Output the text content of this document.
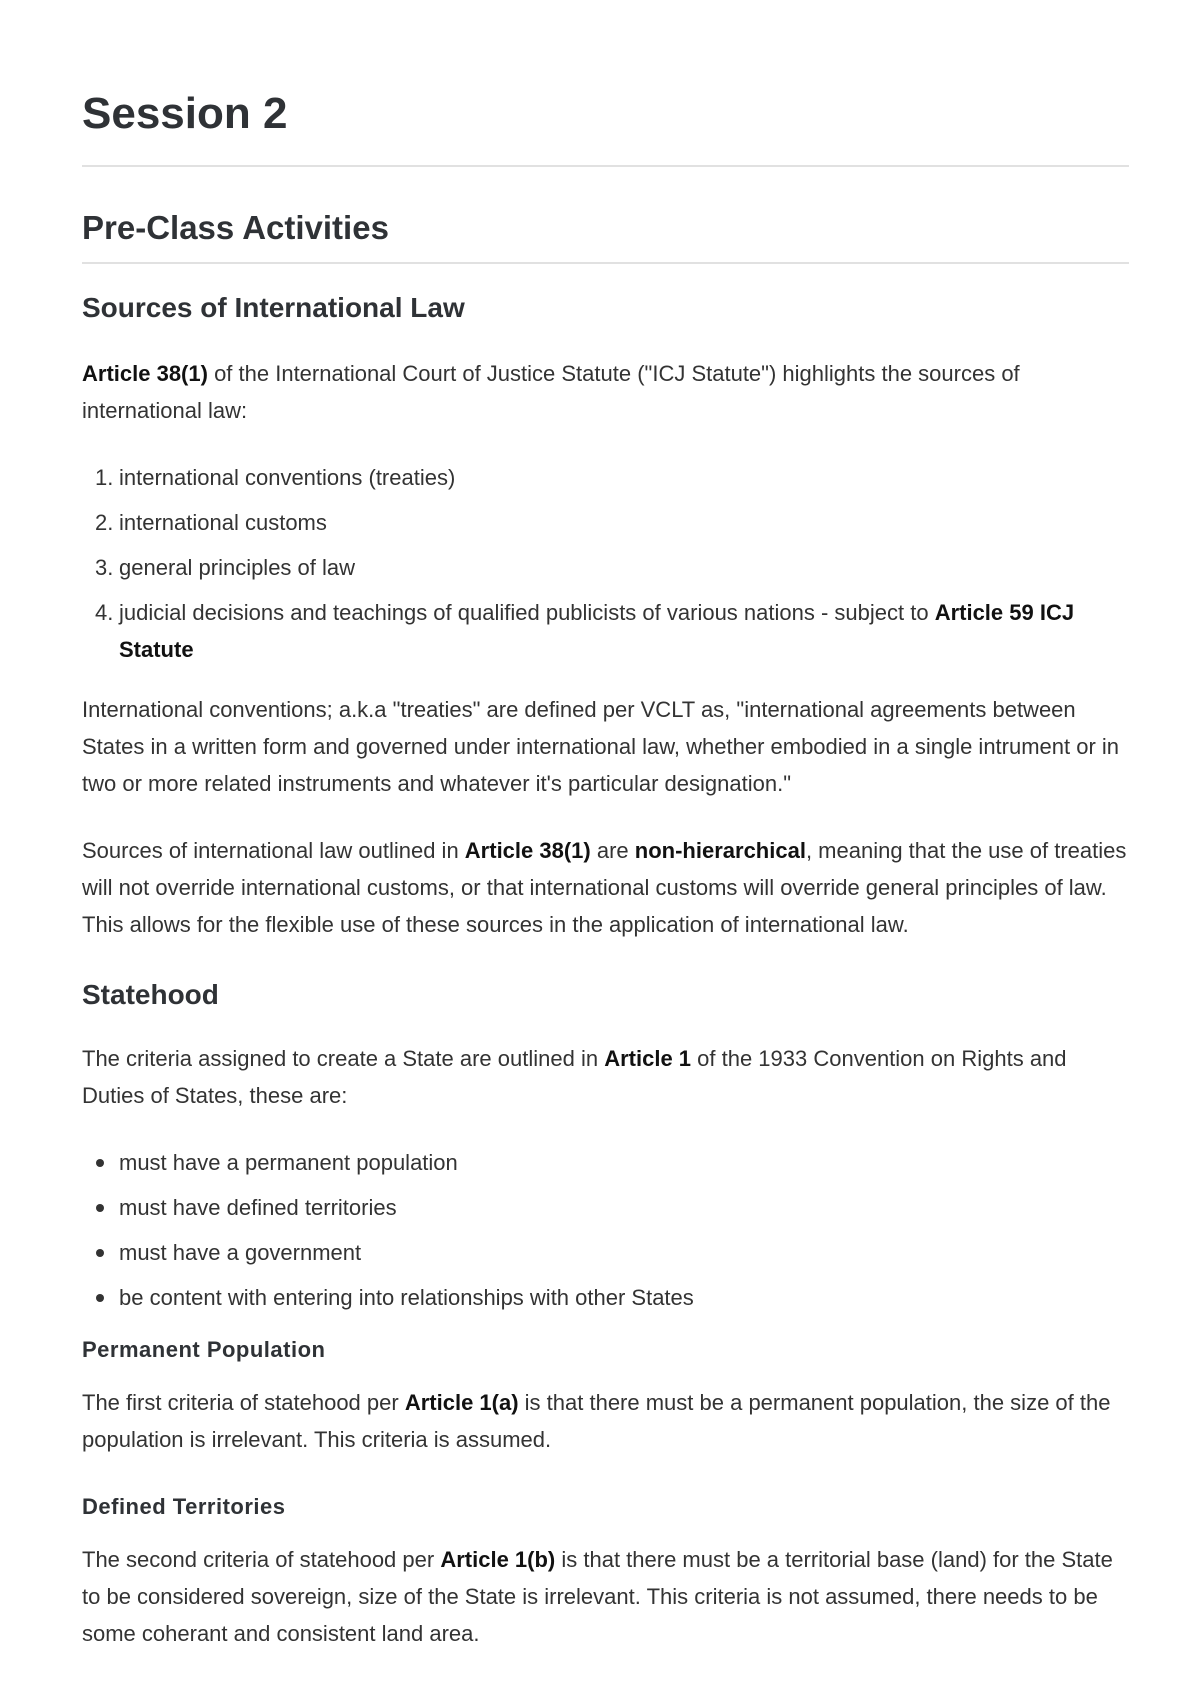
Session 2
Pre-Class Activities
Sources of International Law

Article 38(1) of the International Court of Justice Statute ("ICJ Statute") highlights the sources of international law:

1. international conventions (treaties)
2. international customs
3. general principles of law
4. judicial decisions and teachings of qualified publicists of various nations - subject to Article 59 ICJ Statute

International conventions; a.k.a "treaties" are defined per VCLT as, "international agreements between States in a written form and governed under international law, whether embodied in a single intrument or in two or more related instruments and whatever it's particular designation."

Sources of international law outlined in Article 38(1) are non-hierarchical, meaning that the use of treaties will not override international customs, or that international customs will override general principles of law. This allows for the flexible use of these sources in the application of international law.

Statehood

The criteria assigned to create a State are outlined in Article 1 of the 1933 Convention on Rights and Duties of States, these are:

must have a permanent population
must have defined territories
must have a government
be content with entering into relationships with other States
Permanent Population

The first criteria of statehood per Article 1(a) is that there must be a permanent population, the size of the population is irrelevant. This criteria is assumed.

Defined Territories

The second criteria of statehood per Article 1(b) is that there must be a territorial base (land) for the State to be considered sovereign, size of the State is irrelevant. This criteria is not assumed, there needs to be some coherant and consistent land area.
